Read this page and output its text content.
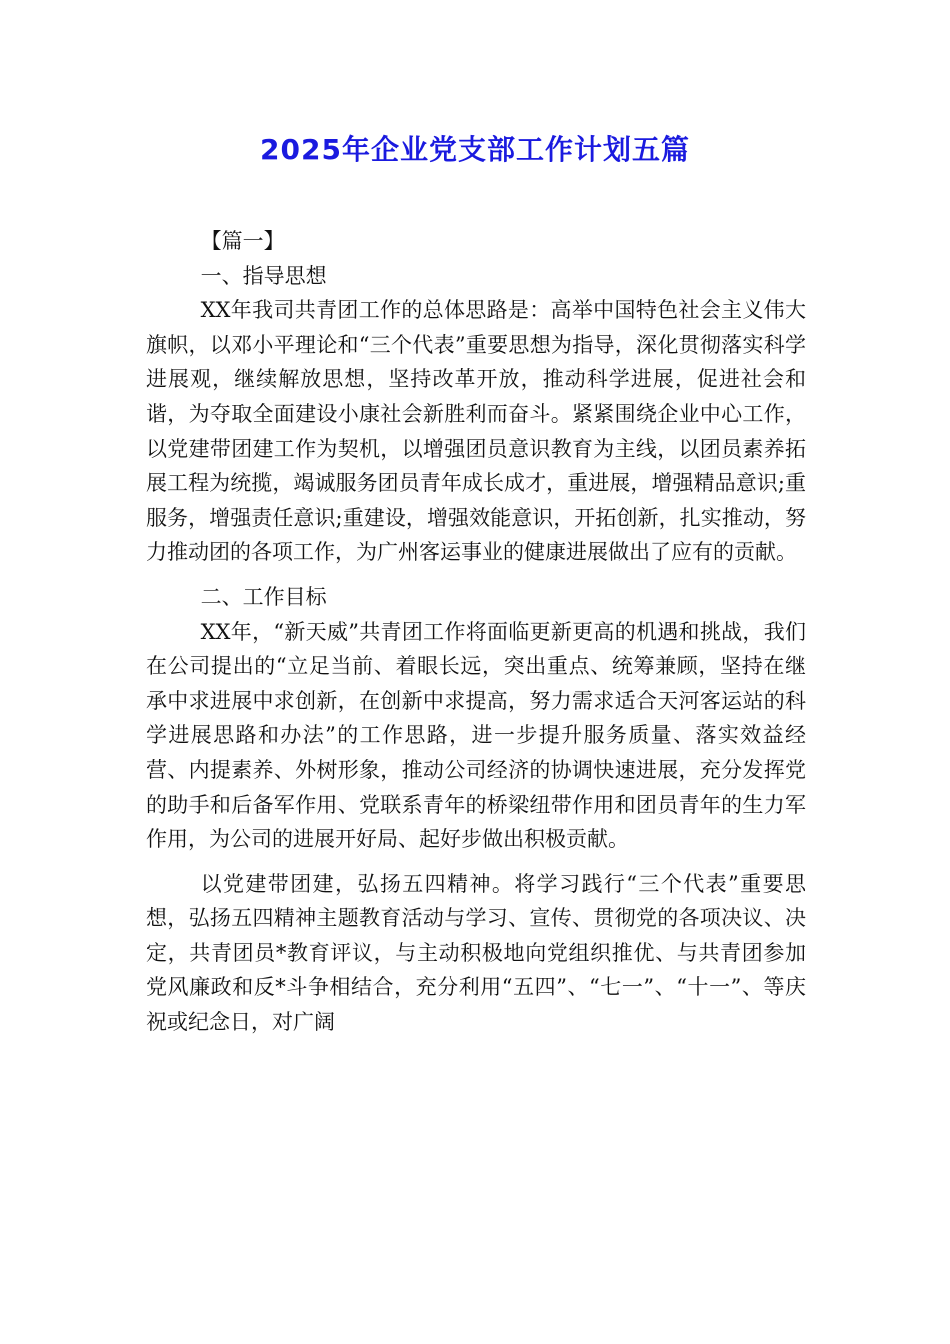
2025年企业党支部工作计划五篇

【篇一】

一、指导思想

XX年我司共青团工作的总体思路是：高举中国特色社会主义伟大旗帜，以邓小平理论和“三个代表”重要思想为指导，深化贯彻落实科学进展观，继续解放思想，坚持改革开放，推动科学进展，促进社会和谐，为夺取全面建设小康社会新胜利而奋斗。紧紧围绕企业中心工作，以党建带团建工作为契机，以增强团员意识教育为主线，以团员素养拓展工程为统揽，竭诚服务团员青年成长成才，重进展，增强精品意识;重服务，增强责任意识;重建设，增强效能意识，开拓创新，扎实推动，努力推动团的各项工作，为广州客运事业的健康进展做出了应有的贡献。

二、工作目标

XX年，“新天威”共青团工作将面临更新更高的机遇和挑战，我们在公司提出的“立足当前、着眼长远，突出重点、统筹兼顾，坚持在继承中求进展中求创新，在创新中求提高，努力需求适合天河客运站的科学进展思路和办法”的工作思路，进一步提升服务质量、落实效益经营、内提素养、外树形象，推动公司经济的协调快速进展，充分发挥党的助手和后备军作用、党联系青年的桥梁纽带作用和团员青年的生力军作用，为公司的进展开好局、起好步做出积极贡献。

以党建带团建，弘扬五四精神。将学习践行“三个代表”重要思想，弘扬五四精神主题教育活动与学习、宣传、贯彻党的各项决议、决定，共青团员*教育评议，与主动积极地向党组织推优、与共青团参加党风廉政和反*斗争相结合，充分利用“五四”、“七一”、“十一”、等庆祝或纪念日，对广阔
